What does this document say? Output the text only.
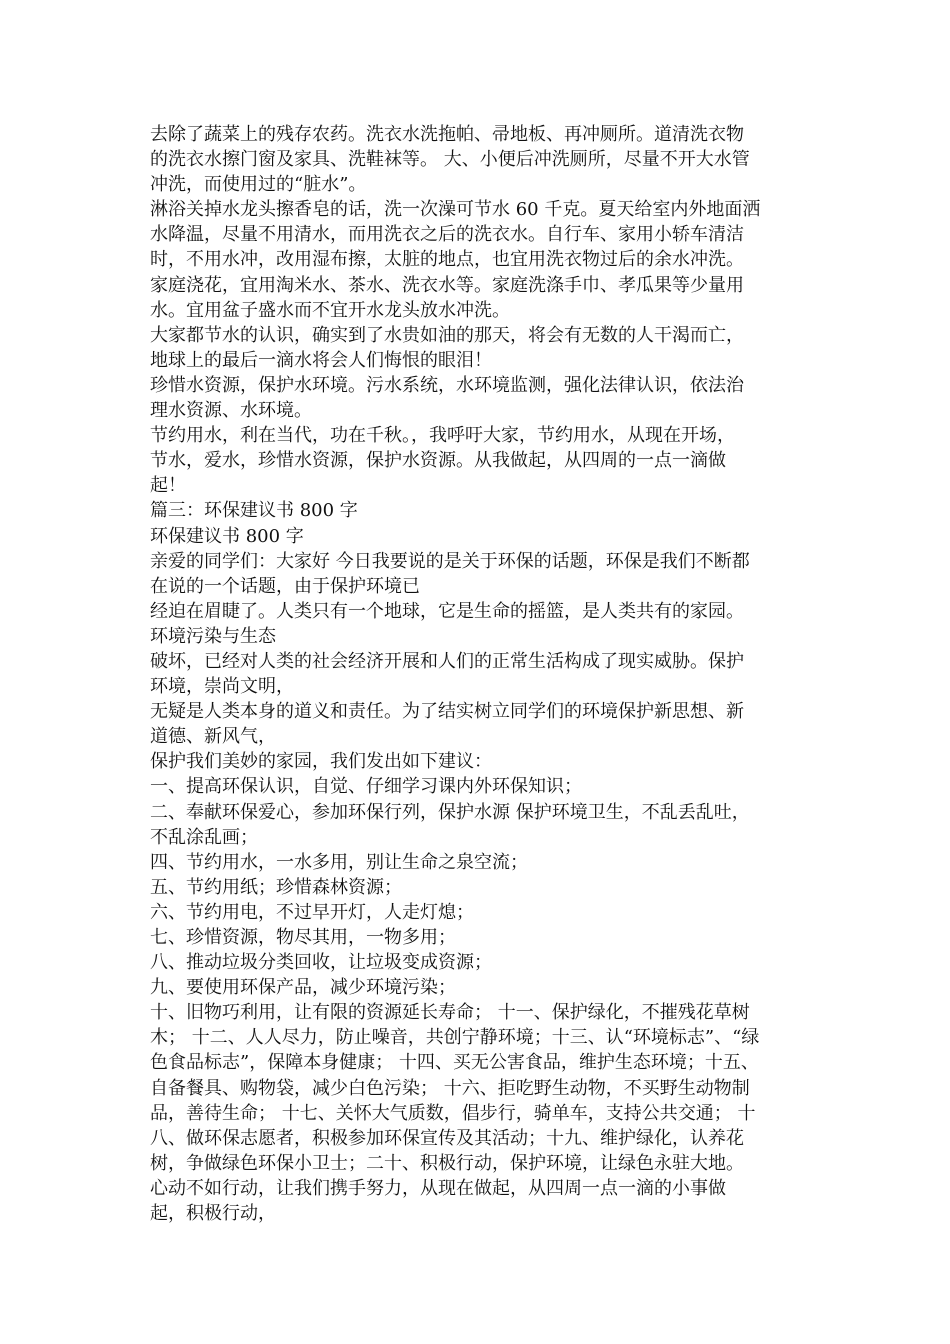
去除了蔬菜上的残存农药。洗衣水洗拖帕、帚地板、再冲厕所。道清洗衣物
的洗衣水擦门窗及家具、洗鞋袜等。 大、小便后冲洗厕所，尽量不开大水管
冲洗，而使用过的“脏水”。
淋浴关掉水龙头擦香皂的话，洗一次澡可节水 60 千克。夏天给室内外地面洒
水降温，尽量不用清水，而用洗衣之后的洗衣水。自行车、家用小轿车清洁
时，不用水冲，改用湿布擦，太脏的地点，也宜用洗衣物过后的余水冲洗。
家庭浇花，宜用淘米水、茶水、洗衣水等。家庭洗涤手巾、孝瓜果等少量用
水。宜用盆子盛水而不宜开水龙头放水冲洗。
大家都节水的认识，确实到了水贵如油的那天，将会有无数的人干渴而亡，
地球上的最后一滴水将会人们悔恨的眼泪！
珍惜水资源，保护水环境。污水系统，水环境监测，强化法律认识，依法治
理水资源、水环境。
节约用水，利在当代，功在千秋。，我呼吁大家，节约用水，从现在开场，
节水，爱水，珍惜水资源，保护水资源。从我做起，从四周的一点一滴做
起！
篇三：环保建议书 800 字
环保建议书 800 字
亲爱的同学们：大家好 今日我要说的是关于环保的话题，环保是我们不断都
在说的一个话题，由于保护环境已
经迫在眉睫了。人类只有一个地球，它是生命的摇篮，是人类共有的家园。
环境污染与生态
破坏，已经对人类的社会经济开展和人们的正常生活构成了现实威胁。保护
环境，崇尚文明，
无疑是人类本身的道义和责任。为了结实树立同学们的环境保护新思想、新
道德、新风气，
保护我们美妙的家园，我们发出如下建议：
一、提高环保认识，自觉、仔细学习课内外环保知识；
二、奉献环保爱心，参加环保行列，保护水源 保护环境卫生，不乱丢乱吐，
不乱涂乱画；
四、节约用水，一水多用，别让生命之泉空流；
五、节约用纸；珍惜森林资源；
六、节约用电，不过早开灯，人走灯熄；
七、珍惜资源，物尽其用，一物多用；
八、推动垃圾分类回收，让垃圾变成资源；
九、要使用环保产品，减少环境污染；
十、旧物巧利用，让有限的资源延长寿命； 十一、保护绿化，不摧残花草树
木； 十二、人人尽力，防止噪音，共创宁静环境；十三、认“环境标志”、“绿
色食品标志”，保障本身健康； 十四、买无公害食品，维护生态环境；十五、
自备餐具、购物袋，减少白色污染； 十六、拒吃野生动物，不买野生动物制
品，善待生命； 十七、关怀大气质数，倡步行，骑单车，支持公共交通； 十
八、做环保志愿者，积极参加环保宣传及其活动；十九、维护绿化，认养花
树，争做绿色环保小卫士；二十、积极行动，保护环境，让绿色永驻大地。
心动不如行动，让我们携手努力，从现在做起，从四周一点一滴的小事做
起，积极行动，
